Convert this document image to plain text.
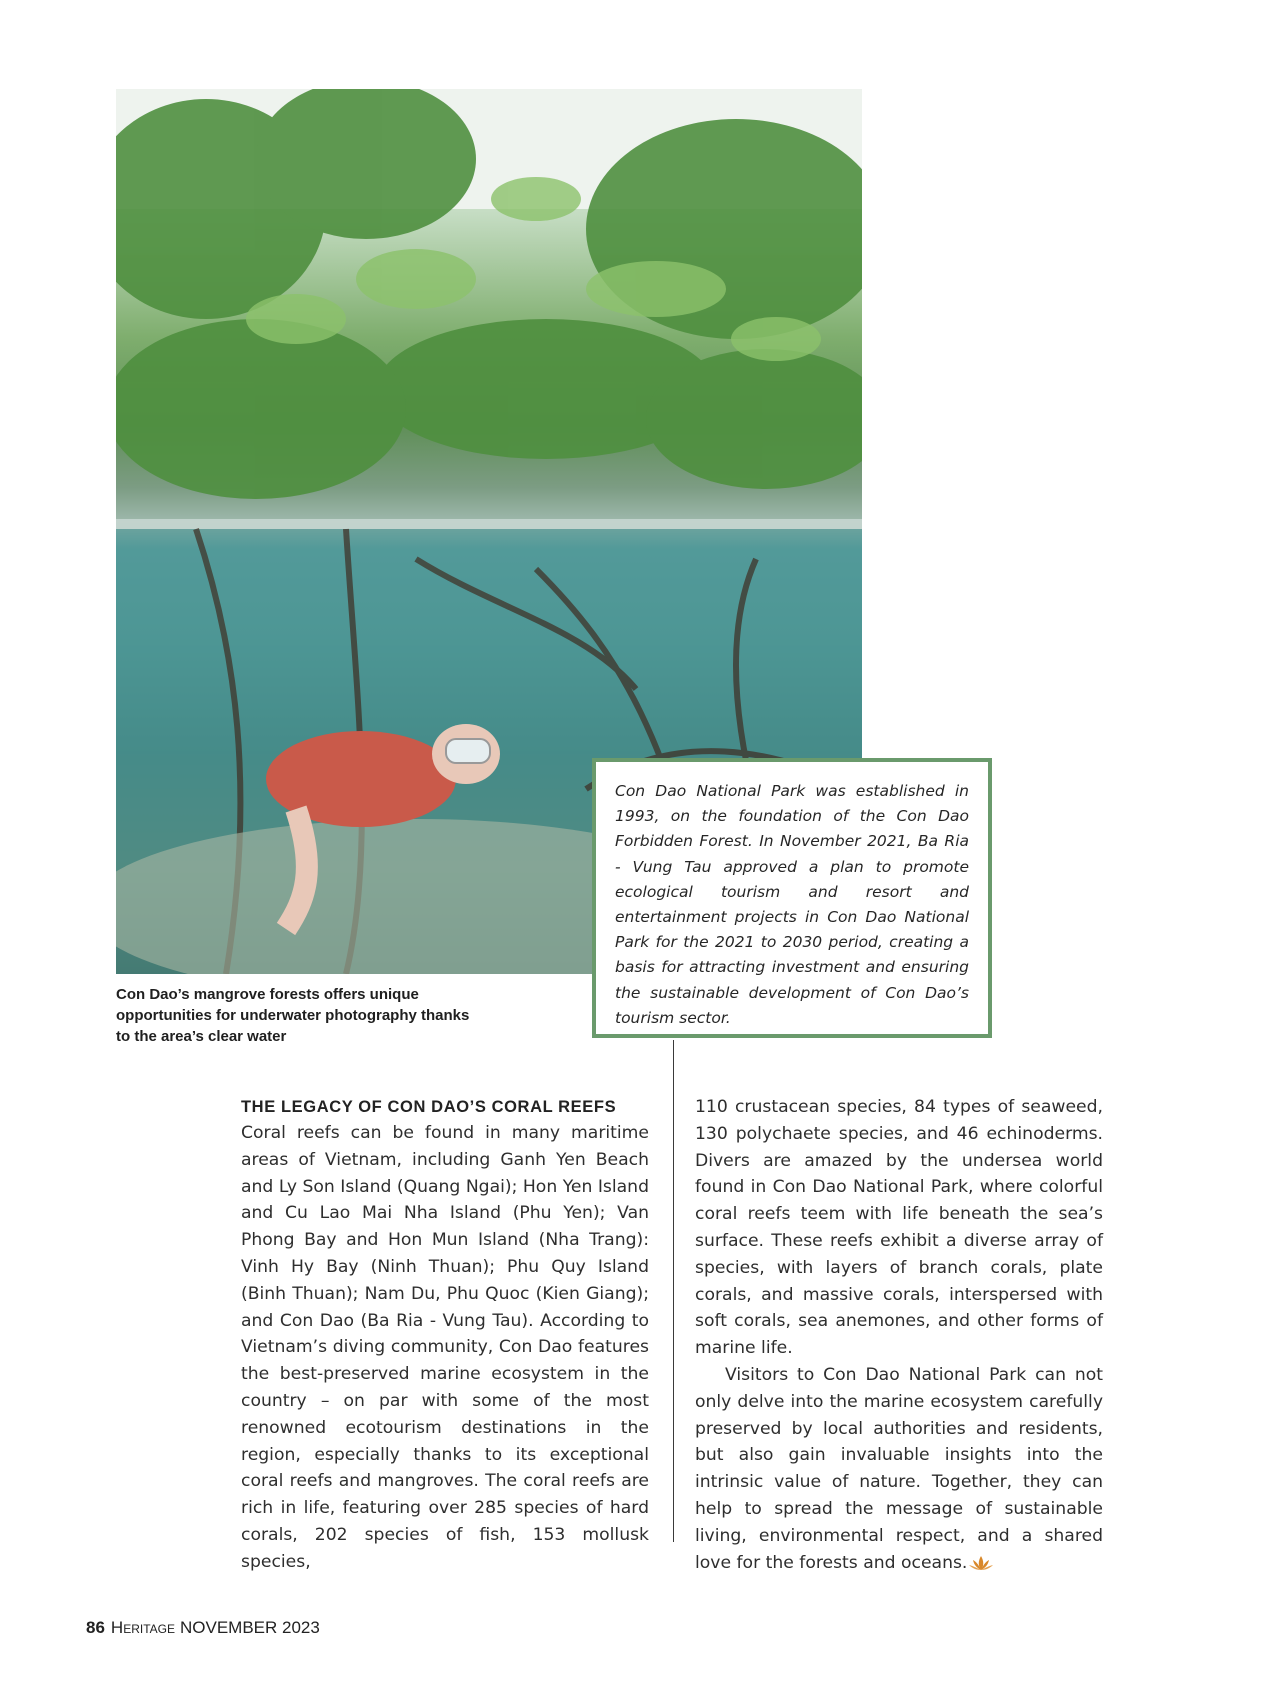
Con Dao’s mangrove forests offers unique opportunities for underwater photography thanks to the area’s clear water
Con Dao National Park was established in 1993, on the foundation of the Con Dao Forbidden Forest. In November 2021, Ba Ria - Vung Tau approved a plan to promote ecological tourism and resort and entertainment projects in Con Dao National Park for the 2021 to 2030 period, creating a basis for attracting investment and ensuring the sustainable development of Con Dao’s tourism sector.
THE LEGACY OF CON DAO’S CORAL REEFS

Coral reefs can be found in many maritime areas of Vietnam, including Ganh Yen Beach and Ly Son Island (Quang Ngai); Hon Yen Island and Cu Lao Mai Nha Island (Phu Yen); Van Phong Bay and Hon Mun Island (Nha Trang): Vinh Hy Bay (Ninh Thuan); Phu Quy Island (Binh Thuan); Nam Du, Phu Quoc (Kien Giang); and Con Dao (Ba Ria - Vung Tau). According to Vietnam’s diving community, Con Dao features the best-preserved marine ecosystem in the country – on par with some of the most renowned ecotourism destinations in the region, especially thanks to its exceptional coral reefs and mangroves. The coral reefs are rich in life, featuring over 285 species of hard corals, 202 species of fish, 153 mollusk species,

110 crustacean species, 84 types of seaweed, 130 polychaete species, and 46 echinoderms. Divers are amazed by the undersea world found in Con Dao National Park, where colorful coral reefs teem with life beneath the sea’s surface. These reefs exhibit a diverse array of species, with layers of branch corals, plate corals, and massive corals, interspersed with soft corals, sea anemones, and other forms of marine life.

Visitors to Con Dao National Park can not only delve into the marine ecosystem carefully preserved by local authorities and residents, but also gain invaluable insights into the intrinsic value of nature. Together, they can help to spread the message of sustainable living, environmental respect, and a shared love for the forests and oceans.

86 Heritage NOVEMBER 2023
